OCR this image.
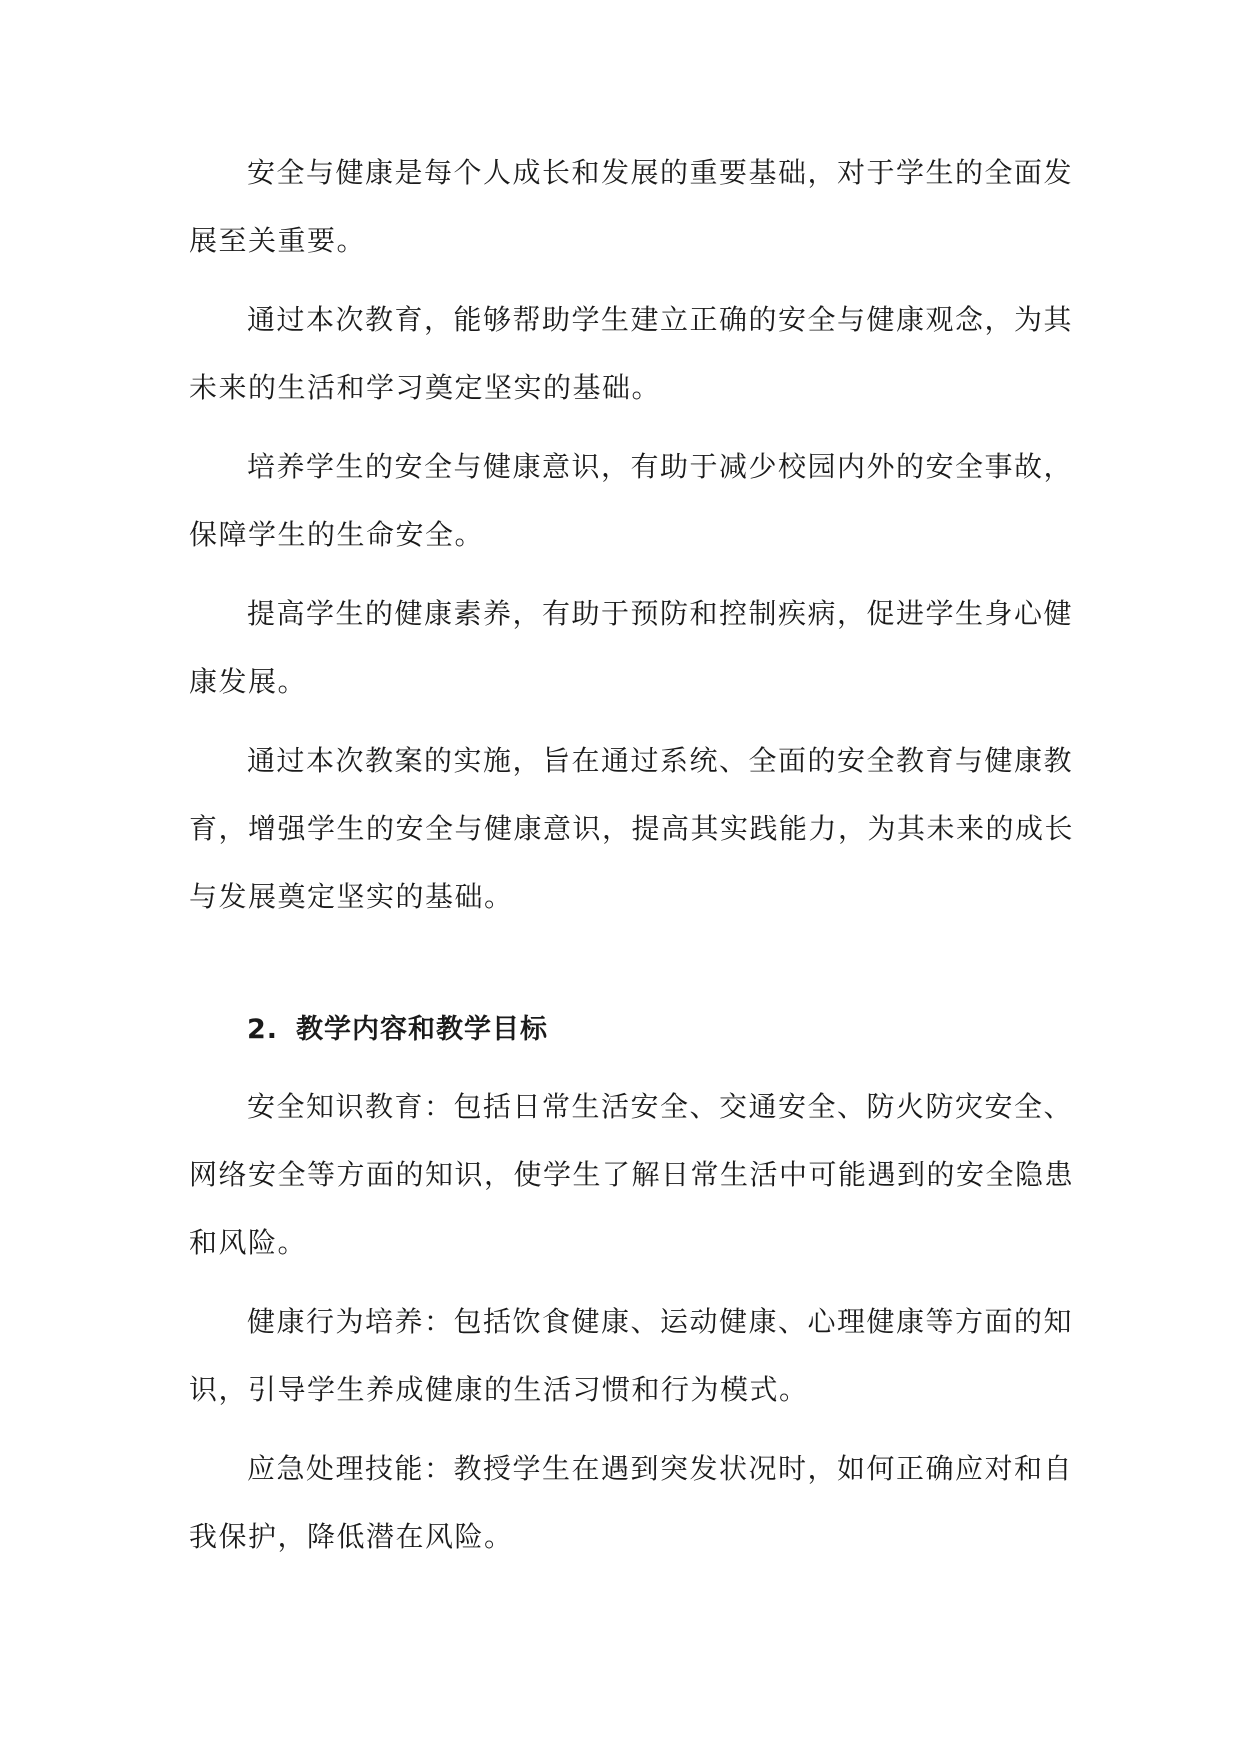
安全与健康是每个人成长和发展的重要基础，对于学生的全面发
展至关重要。
通过本次教育，能够帮助学生建立正确的安全与健康观念，为其
未来的生活和学习奠定坚实的基础。
培养学生的安全与健康意识，有助于减少校园内外的安全事故，
保障学生的生命安全。
提高学生的健康素养，有助于预防和控制疾病，促进学生身心健
康发展。
通过本次教案的实施，旨在通过系统、全面的安全教育与健康教
育，增强学生的安全与健康意识，提高其实践能力，为其未来的成长
与发展奠定坚实的基础。
2. 教学内容和教学目标
安全知识教育：包括日常生活安全、交通安全、防火防灾安全、
网络安全等方面的知识，使学生了解日常生活中可能遇到的安全隐患
和风险。
健康行为培养：包括饮食健康、运动健康、心理健康等方面的知
识，引导学生养成健康的生活习惯和行为模式。
应急处理技能：教授学生在遇到突发状况时，如何正确应对和自
我保护，降低潜在风险。
